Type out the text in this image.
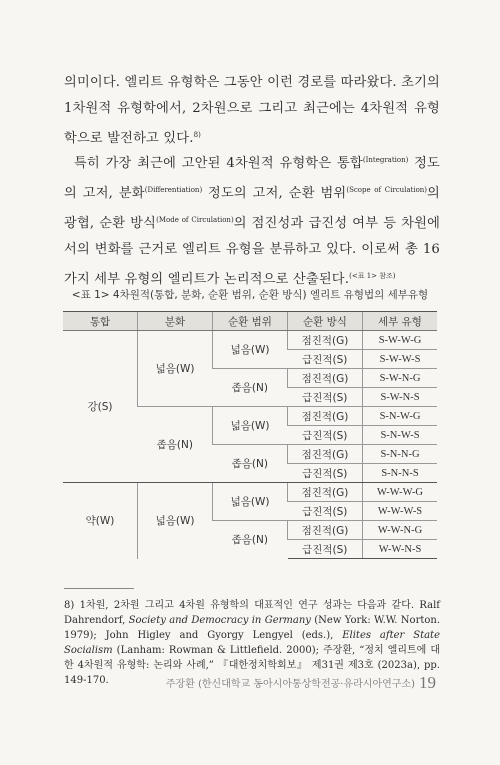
의미이다. 엘리트 유형학은 그동안 이런 경로를 따라왔다. 초기의 1차원적 유형학에서, 2차원으로 그리고 최근에는 4차원적 유형학으로 발전하고 있다.$^{8)}$

특히 가장 최근에 고안된 4차원적 유형학은 통합$^{(Integration)}$ 정도의 고저, 분화$^{(Differentiation)}$ 정도의 고저, 순환 범위$^{(Scope of Circulation)}$의 광협, 순환 방식$^{(Mode of Circulation)}$의 점진성과 급진성 여부 등 차원에서의 변화를 근거로 엘리트 유형을 분류하고 있다. 이로써 총 16가지 세부 유형의 엘리트가 논리적으로 산출된다.$^{(<표 1> 참조)}$

<표 1> 4차원적(통합, 분화, 순환 범위, 순환 방식) 엘리트 유형법의 세부유형

통합	분화	순환 범위	순환 방식	세부 유형
강(S)	넓음(W)	넓음(W)	점진적(G)	S-W-W-G
			급진적(S)	S-W-W-S
		좁음(N)	점진적(G)	S-W-N-G
			급진적(S)	S-W-N-S
	좁음(N)	넓음(W)	점진적(G)	S-N-W-G
			급진적(S)	S-N-W-S
		좁음(N)	점진적(G)	S-N-N-G
			급진적(S)	S-N-N-S
약(W)	넓음(W)	넓음(W)	점진적(G)	W-W-W-G
			급진적(S)	W-W-W-S
		좁음(N)	점진적(G)	W-W-N-G
			급진적(S)	W-W-N-S

8) 1차원, 2차원 그리고 4차원 유형학의 대표적인 연구 성과는 다음과 같다. Ralf Dahrendorf, Society and Democracy in Germany (New York: W.W. Norton. 1979); John Higley and Gyorgy Lengyel (eds.), Elites after State Socialism (Lanham: Rowman & Littlefield. 2000); 주장환, “정치 엘리트에 대한 4차원적 유형학: 논리와 사례,” 『대한정치학회보』 제31권 제3호 (2023a), pp. 149-170.	주장환 (한신대학교 동아시아통상학전공·유라시아연구소) 19
